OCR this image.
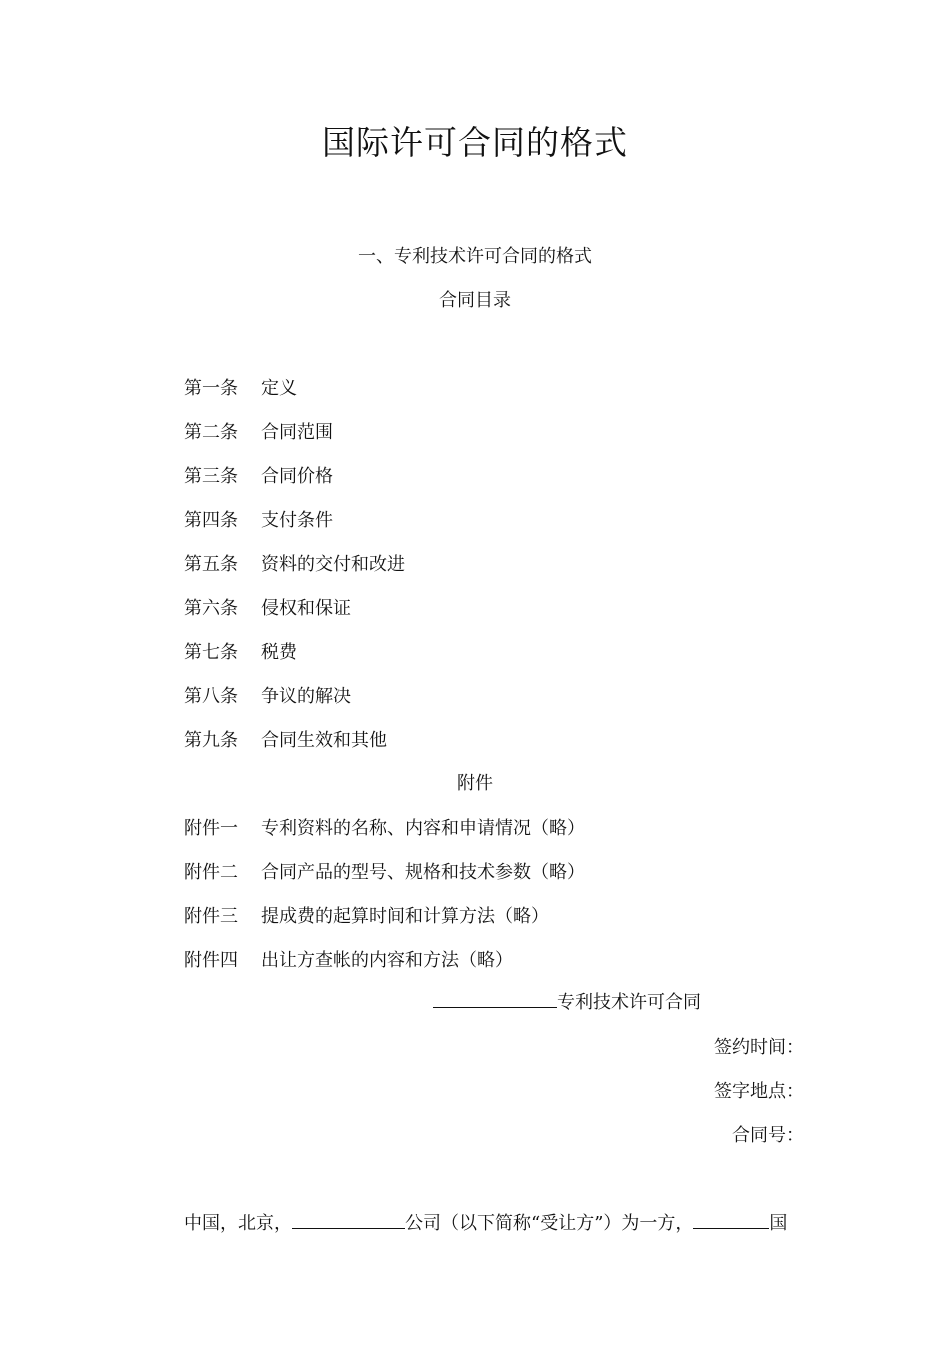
国际许可合同的格式
一、专利技术许可合同的格式
合同目录
第一条 定义
第二条 合同范围
第三条 合同价格
第四条 支付条件
第五条 资料的交付和改进
第六条 侵权和保证
第七条 税费
第八条 争议的解决
第九条 合同生效和其他
附件
附件一 专利资料的名称、内容和申请情况（略）
附件二 合同产品的型号、规格和技术参数（略）
附件三 提成费的起算时间和计算方法（略）
附件四 出让方查帐的内容和方法（略）
专利技术许可合同
签约时间：
签字地点：
合同号：
中国，北京，	公司（以下简称“受让方”）为一方，	国
